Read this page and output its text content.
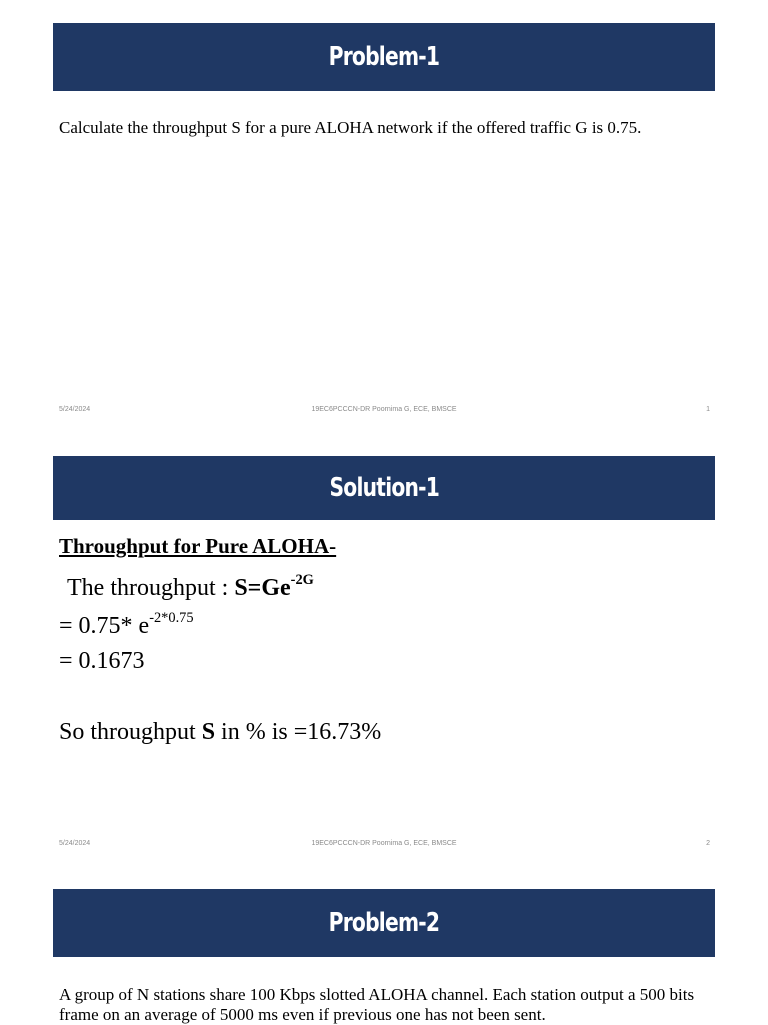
Problem-1
Calculate the throughput S for a pure ALOHA network if the offered traffic G is 0.75.
5/24/2024	19EC6PCCCN-DR Poornima G, ECE, BMSCE	1
Solution-1
Throughput for Pure ALOHA-
The throughput : $S=Ge^{-2G}$
= 0.75* $e^{-2*0.75}$
= 0.1673
So throughput S in % is =16.73%
5/24/2024	19EC6PCCCN-DR Poornima G, ECE, BMSCE	2
Problem-2
A group of N stations share 100 Kbps slotted ALOHA channel. Each station output a 500 bits frame on an average of 5000 ms even if previous one has not been sent.
